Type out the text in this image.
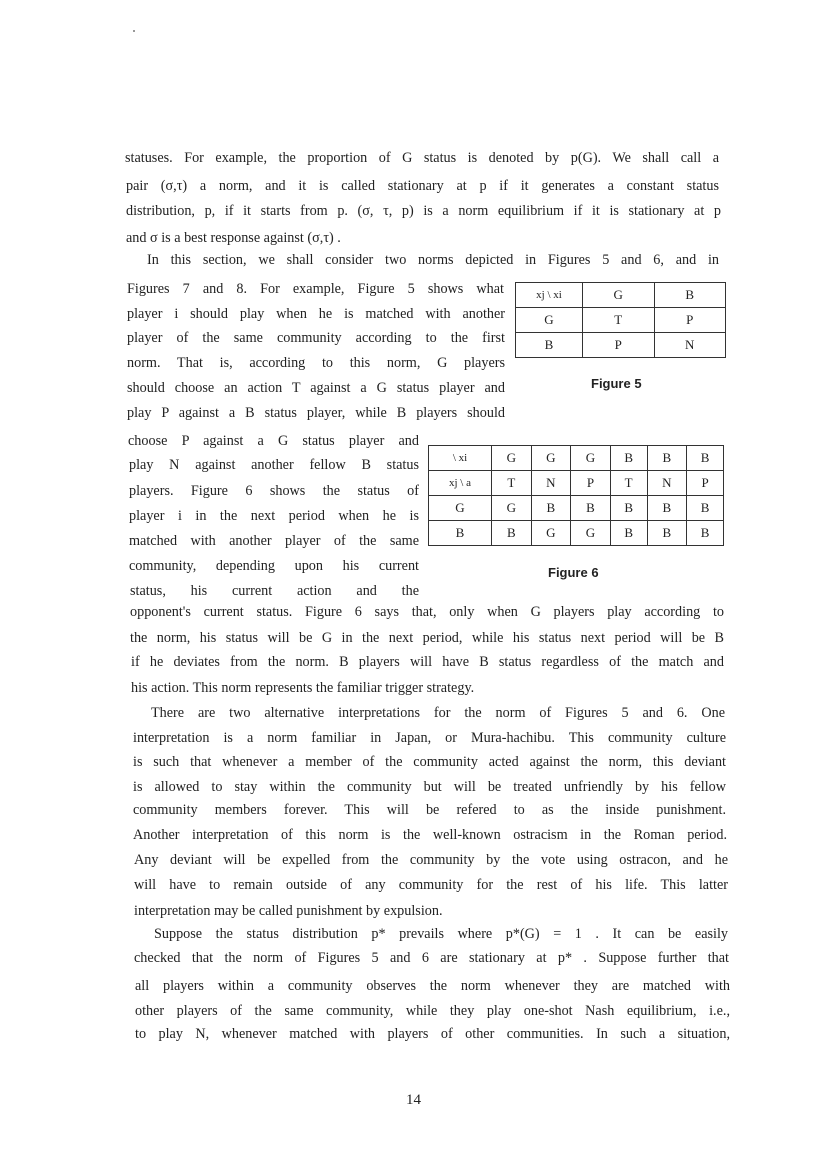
statuses. For example, the proportion of G status is denoted by p(G). We shall call a
pair (σ,τ) a norm, and it is called stationary at p if it generates a constant status
distribution, p, if it starts from p. (σ, τ, p) is a norm equilibrium if it is stationary at p
and σ is a best response against (σ,τ) .
In this section, we shall consider two norms depicted in Figures 5 and 6, and in
Figures 7 and 8. For example, Figure 5 shows what
player i should play when he is matched with another
player of the same community according to the first
norm. That is, according to this norm, G players
should choose an action T against a G status player and
play P against a B status player, while B players should
choose P against a G status player and
play N against another fellow B status
players. Figure 6 shows the status of
player i in the next period when he is
matched with another player of the same
community, depending upon his current
status, his current action and the
opponent's current status. Figure 6 says that, only when G players play according to
the norm, his status will be G in the next period, while his status next period will be B
if he deviates from the norm. B players will have B status regardless of the match and
his action. This norm represents the familiar trigger strategy.
There are two alternative interpretations for the norm of Figures 5 and 6. One
interpretation is a norm familiar in Japan, or Mura-hachibu. This community culture
is such that whenever a member of the community acted against the norm, this deviant
is allowed to stay within the community but will be treated unfriendly by his fellow
community members forever. This will be refered to as the inside punishment.
Another interpretation of this norm is the well-known ostracism in the Roman period.
Any deviant will be expelled from the community by the vote using ostracon, and he
will have to remain outside of any community for the rest of his life. This latter
interpretation may be called punishment by expulsion.
Suppose the status distribution p* prevails where p*(G) = 1 . It can be easily
checked that the norm of Figures 5 and 6 are stationary at p* . Suppose further that
all players within a community observes the norm whenever they are matched with
other players of the same community, while they play one-shot Nash equilibrium, i.e.,
to play N, whenever matched with players of other communities. In such a situation,
xj \ xi	G	B
G	T	P
B	P	N
Figure 5
\ xi	G	G	G	B	B	B
xj \ a	T	N	P	T	N	P
G	G	B	B	B	B	B
B	B	G	G	B	B	B
Figure 6
14
